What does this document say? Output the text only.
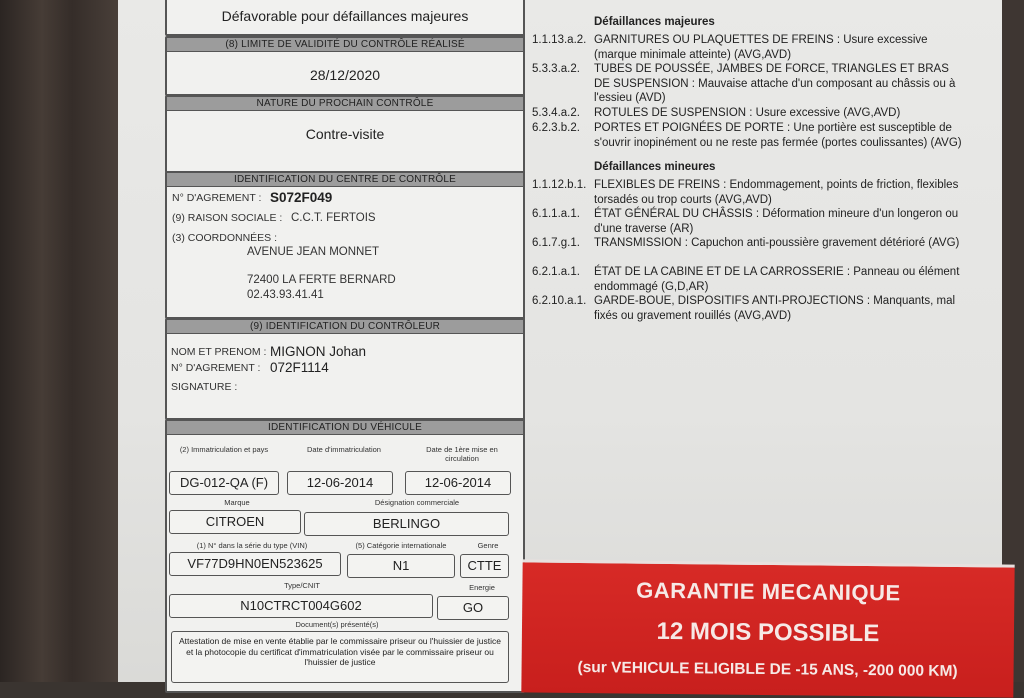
Défavorable pour défaillances majeures
(8) LIMITE DE VALIDITÉ DU CONTRÔLE RÉALISÉ
28/12/2020
NATURE DU PROCHAIN CONTRÔLE
Contre-visite
IDENTIFICATION DU CENTRE DE CONTRÔLE
N° D'AGREMENT : S072F049
(9) RAISON SOCIALE : C.C.T. FERTOIS
(3) COORDONNÉES :
AVENUE JEAN MONNET
72400 LA FERTE BERNARD
02.43.93.41.41
(9) IDENTIFICATION DU CONTRÔLEUR
NOM ET PRENOM : MIGNON Johan
N° D'AGREMENT : 072F1114
SIGNATURE :
IDENTIFICATION DU VÉHICULE
(2) Immatriculation et pays	Date d'immatriculation	Date de 1ère mise en circulation
DG-012-QA (F)	12-06-2014	12-06-2014
Marque	Désignation commerciale
CITROEN	BERLINGO
(1) N° dans la série du type (VIN)	(5) Catégorie internationale	Genre
VF77D9HN0EN523625	N1	CTTE
Type/CNIT	Energie
N10CTRCT004G602	GO
Document(s) présenté(s)
Attestation de mise en vente établie par le commissaire priseur ou l'huissier de justice et la photocopie du certificat d'immatriculation visée par le commissaire priseur ou l'huissier de justice
Défaillances majeures
1.1.13.a.2. GARNITURES OU PLAQUETTES DE FREINS : Usure excessive (marque minimale atteinte) (AVG,AVD)
5.3.3.a.2.	TUBES DE POUSSÉE, JAMBES DE FORCE, TRIANGLES ET BRAS DE SUSPENSION : Mauvaise attache d'un composant au châssis ou à l'essieu (AVD)
5.3.4.a.2.	ROTULES DE SUSPENSION : Usure excessive (AVG,AVD)
6.2.3.b.2.	PORTES ET POIGNÉES DE PORTE : Une portière est susceptible de s'ouvrir inopinément ou ne reste pas fermée (portes coulissantes) (AVG)
Défaillances mineures
1.1.12.b.1. FLEXIBLES DE FREINS : Endommagement, points de friction, flexibles torsadés ou trop courts (AVG,AVD)
6.1.1.a.1.	ÉTAT GÉNÉRAL DU CHÂSSIS : Déformation mineure d'un longeron ou d'une traverse (AR)
6.1.7.g.1.	TRANSMISSION : Capuchon anti-poussière gravement détérioré (AVG)
6.2.1.a.1.	ÉTAT DE LA CABINE ET DE LA CARROSSERIE : Panneau ou élément endommagé (G,D,AR)
6.2.10.a.1. GARDE-BOUE, DISPOSITIFS ANTI-PROJECTIONS : Manquants, mal fixés ou gravement rouillés (AVG,AVD)
GARANTIE MECANIQUE
12 MOIS POSSIBLE
(sur VEHICULE ELIGIBLE DE -15 ANS, -200 000 KM)
